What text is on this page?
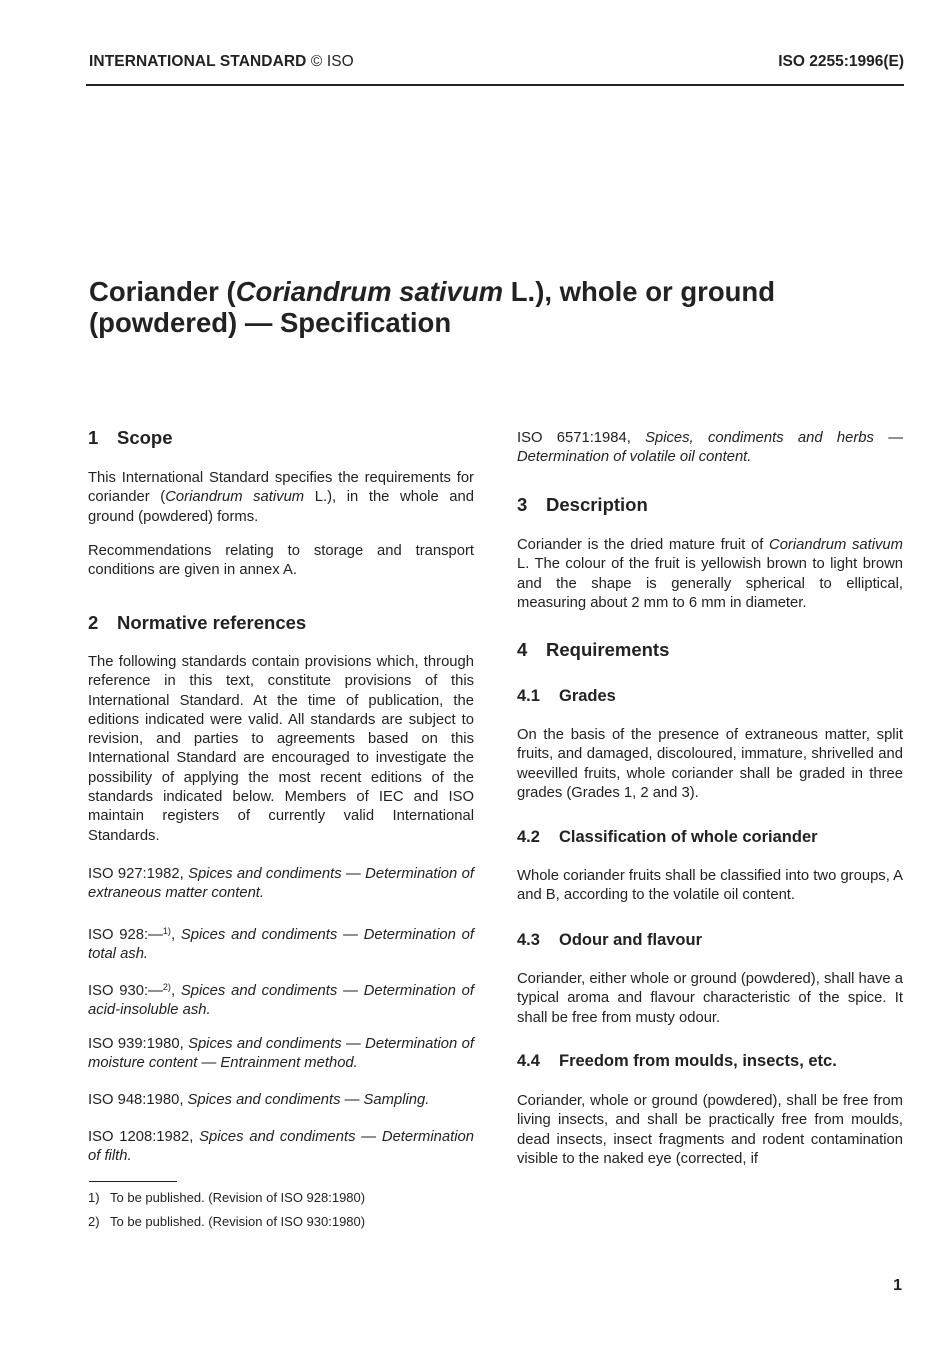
INTERNATIONAL STANDARD © ISO	ISO 2255:1996(E)
Coriander (Coriandrum sativum L.), whole or ground
(powdered) — Specification
1 Scope

This International Standard specifies the requirements for coriander (Coriandrum sativum L.), in the whole and ground (powdered) forms.

Recommendations relating to storage and transport conditions are given in annex A.

2 Normative references

The following standards contain provisions which, through reference in this text, constitute provisions of this International Standard. At the time of publication, the editions indicated were valid. All standards are subject to revision, and parties to agreements based on this International Standard are encouraged to investigate the possibility of applying the most recent editions of the standards indicated below. Members of IEC and ISO maintain registers of currently valid International Standards.

ISO 927:1982, Spices and condiments — Determination of extraneous matter content.

ISO 928:—$^{1)}$, Spices and condiments — Determination of total ash.

ISO 930:—$^{2)}$, Spices and condiments — Determination of acid-insoluble ash.

ISO 939:1980, Spices and condiments — Determination of moisture content — Entrainment method.

ISO 948:1980, Spices and condiments — Sampling.

ISO 1208:1982, Spices and condiments — Determination of filth.

ISO 6571:1984, Spices, condiments and herbs — Determination of volatile oil content.

3 Description

Coriander is the dried mature fruit of Coriandrum sativum L. The colour of the fruit is yellowish brown to light brown and the shape is generally spherical to elliptical, measuring about 2 mm to 6 mm in diameter.

4 Requirements
4.1 Grades

On the basis of the presence of extraneous matter, split fruits, and damaged, discoloured, immature, shrivelled and weevilled fruits, whole coriander shall be graded in three grades (Grades 1, 2 and 3).

4.2 Classification of whole coriander

Whole coriander fruits shall be classified into two groups, A and B, according to the volatile oil content.

4.3 Odour and flavour

Coriander, either whole or ground (powdered), shall have a typical aroma and flavour characteristic of the spice. It shall be free from musty odour.

4.4 Freedom from moulds, insects, etc.

Coriander, whole or ground (powdered), shall be free from living insects, and shall be practically free from moulds, dead insects, insect fragments and rodent contamination visible to the naked eye (corrected, if

1) To be published. (Revision of ISO 928:1980)
2) To be published. (Revision of ISO 930:1980)
1
